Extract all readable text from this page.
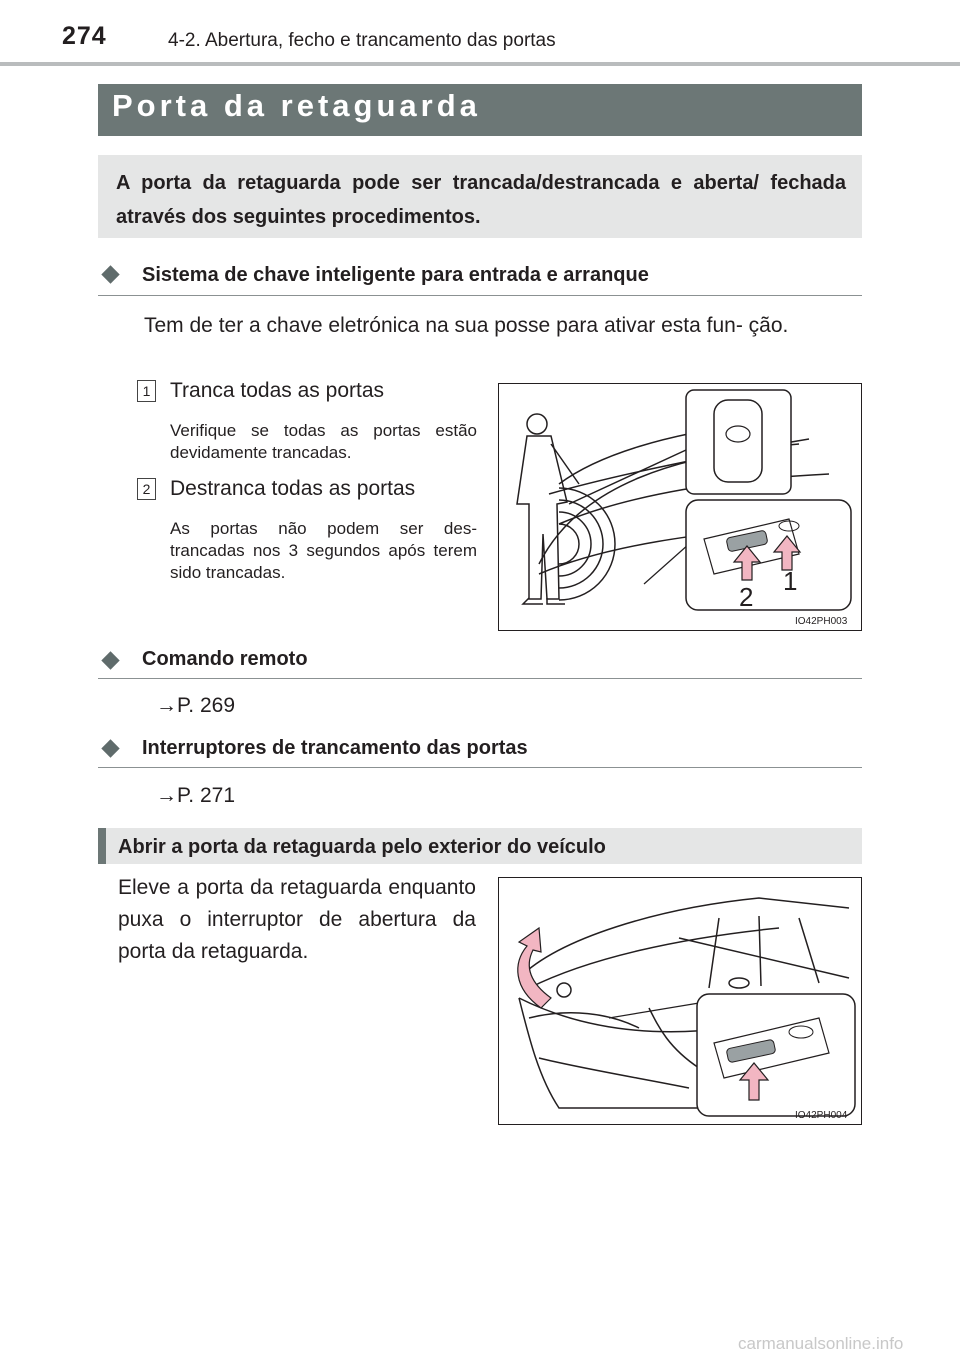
274	4-2. Abertura, fecho e trancamento das portas
Porta da retaguarda
A porta da retaguarda pode ser trancada/destrancada e aberta/ fechada através dos seguintes procedimentos.
Sistema de chave inteligente para entrada e arranque
Tem de ter a chave eletrónica na sua posse para ativar esta fun- ção.
1 Tranca todas as portas
Verifique se todas as portas estão devidamente trancadas.
2 Destranca todas as portas
As portas não podem ser des- trancadas nos 3 segundos após terem sido trancadas.	1
2
IO42PH003
Comando remoto
→P. 269
Interruptores de trancamento das portas
→P. 271
Abrir a porta da retaguarda pelo exterior do veículo
Eleve a porta da retaguarda enquanto puxa o interruptor de abertura da porta da retaguarda.
IO42PH004
carmanualsonline.info
